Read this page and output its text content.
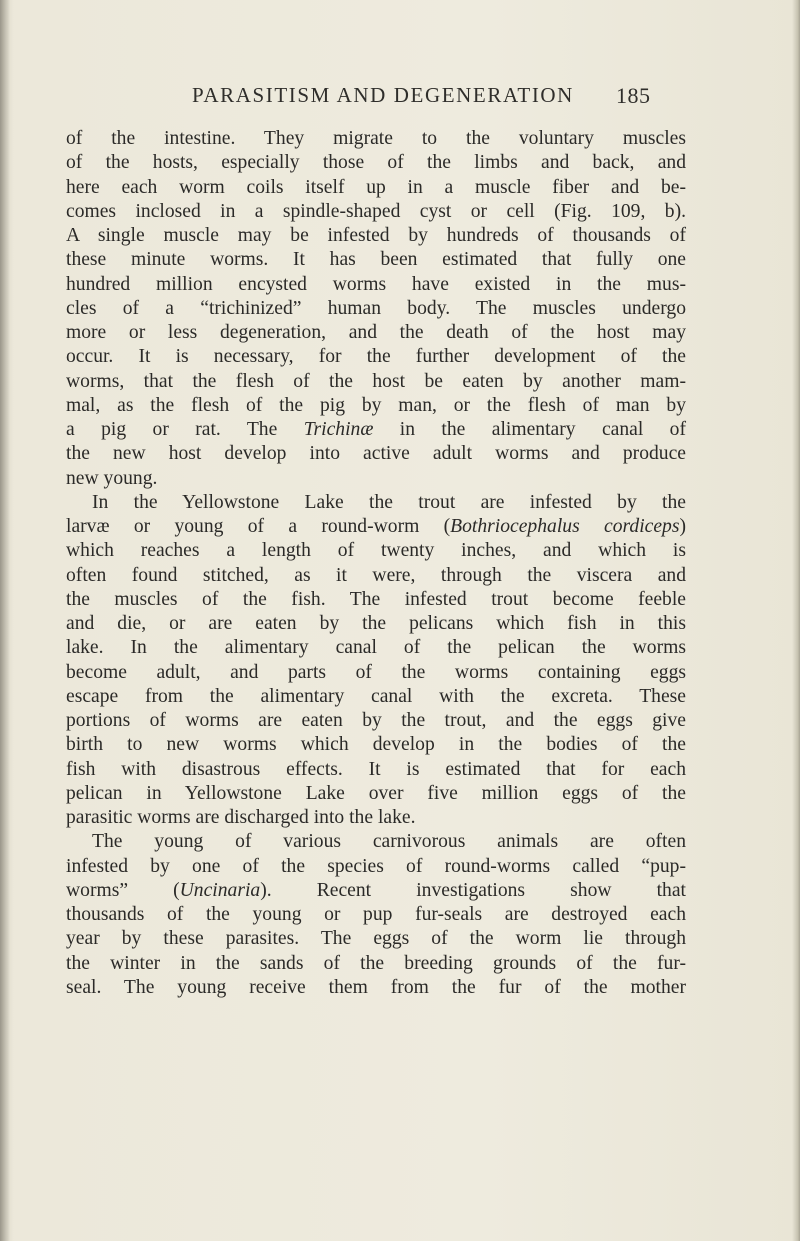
PARASITISM AND DEGENERATION 185
of the intestine. They migrate to the voluntary muscles
of the hosts, especially those of the limbs and back, and
here each worm coils itself up in a muscle fiber and be-
comes inclosed in a spindle-shaped cyst or cell (Fig. 109, b).
A single muscle may be infested by hundreds of thousands of
these minute worms. It has been estimated that fully one
hundred million encysted worms have existed in the mus-
cles of a “trichinized” human body. The muscles undergo
more or less degeneration, and the death of the host may
occur. It is necessary, for the further development of the
worms, that the flesh of the host be eaten by another mam-
mal, as the flesh of the pig by man, or the flesh of man by
a pig or rat. The Trichinæ in the alimentary canal of
the new host develop into active adult worms and produce
new young.
In the Yellowstone Lake the trout are infested by the
larvæ or young of a round-worm (Bothriocephalus cordiceps)
which reaches a length of twenty inches, and which is
often found stitched, as it were, through the viscera and
the muscles of the fish. The infested trout become feeble
and die, or are eaten by the pelicans which fish in this
lake. In the alimentary canal of the pelican the worms
become adult, and parts of the worms containing eggs
escape from the alimentary canal with the excreta. These
portions of worms are eaten by the trout, and the eggs give
birth to new worms which develop in the bodies of the
fish with disastrous effects. It is estimated that for each
pelican in Yellowstone Lake over five million eggs of the
parasitic worms are discharged into the lake.
The young of various carnivorous animals are often
infested by one of the species of round-worms called “pup-
worms” (Uncinaria). Recent investigations show that
thousands of the young or pup fur-seals are destroyed each
year by these parasites. The eggs of the worm lie through
the winter in the sands of the breeding grounds of the fur-
seal. The young receive them from the fur of the mother
